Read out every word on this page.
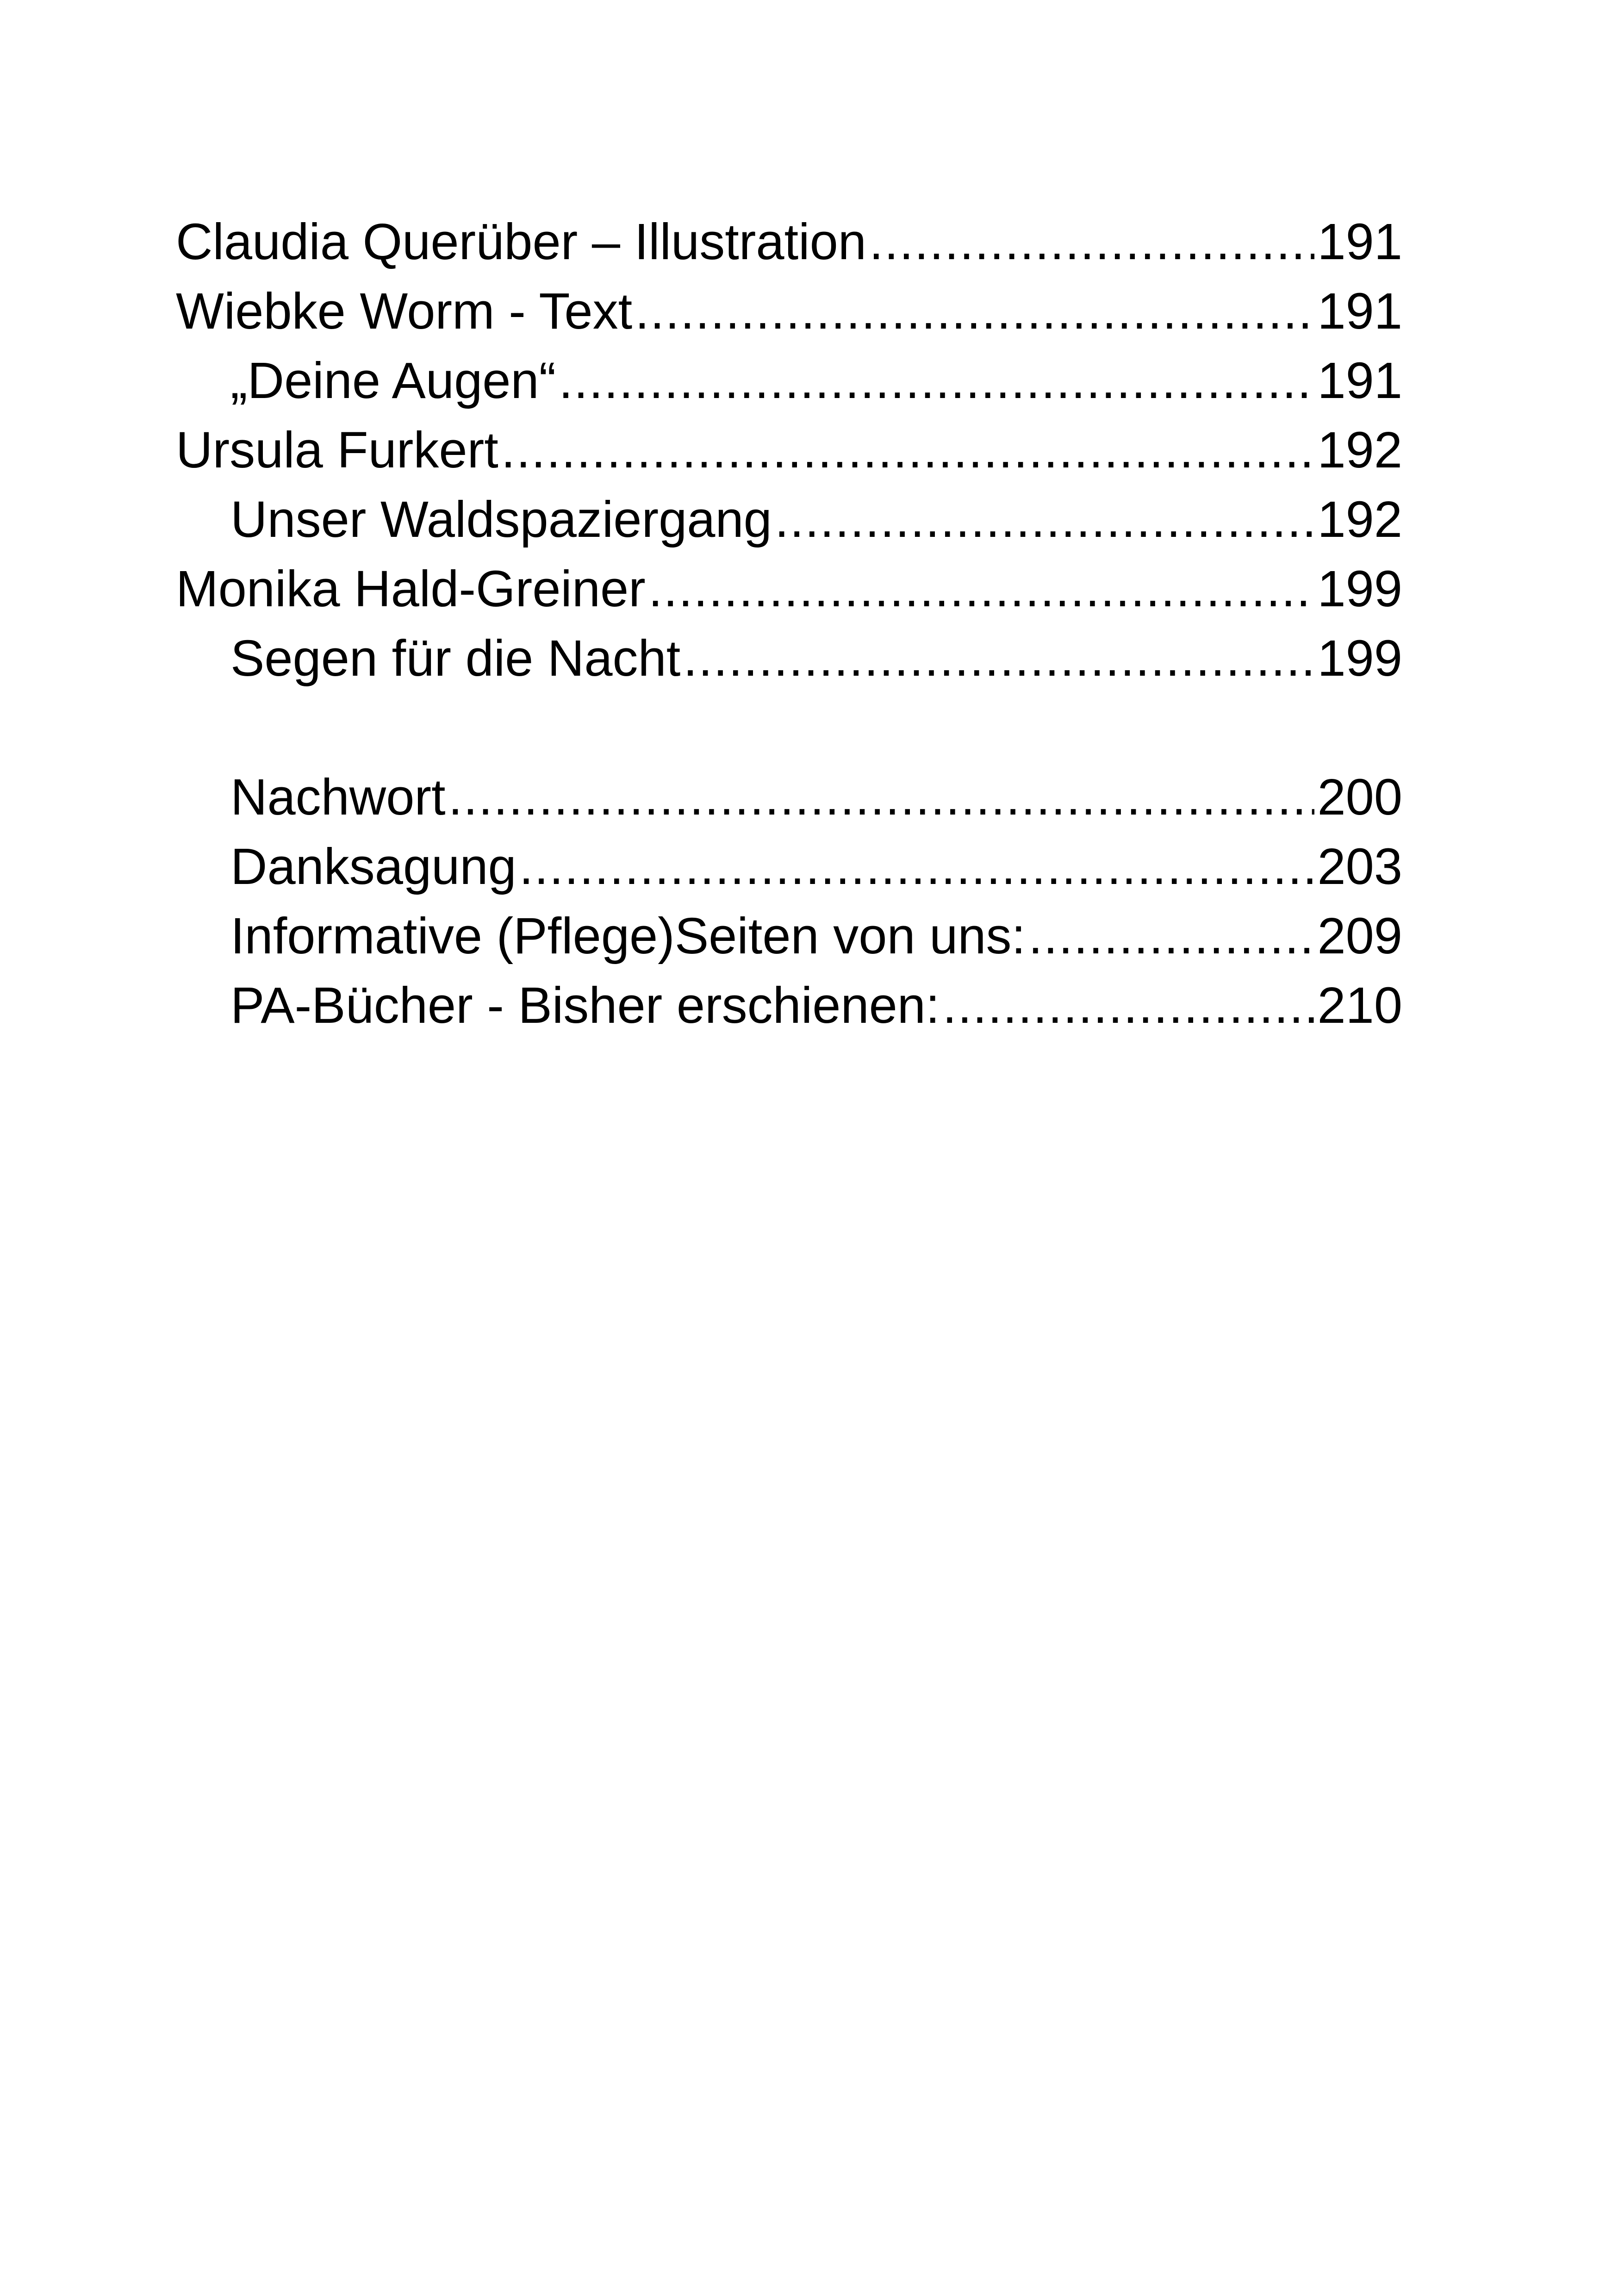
Claudia Querüber – Illustration .....	191
Wiebke Worm - Text .....	191
„Deine Augen“ .....	191
Ursula Furkert .....	192
Unser Waldspaziergang .....	192
Monika Hald-Greiner .....	199
Segen für die Nacht .....	199
Nachwort .....	200
Danksagung .....	203
Informative (Pflege)Seiten von uns: .....	209
PA-Bücher - Bisher erschienen: .....	210
